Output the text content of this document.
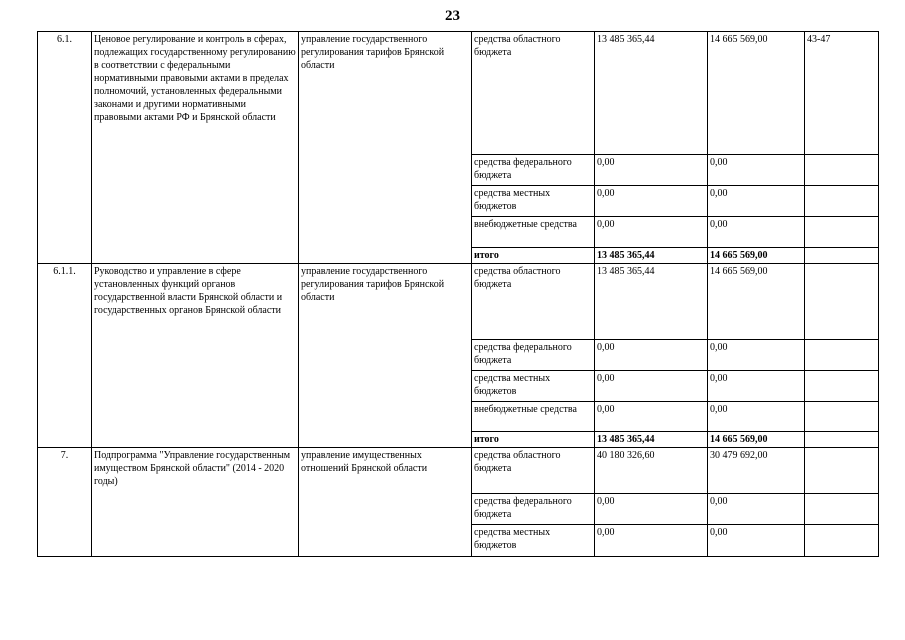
23
6.1.	Ценовое регулирование и контроль в сферах, подлежащих государственному регулированию в соответствии с федеральными нормативными правовыми актами в пределах полномочий, установленных федеральными законами и другими нормативными правовыми актами РФ и Брянской области	управление государственного регулирования тарифов Брянской области	средства областного бюджета	13 485 365,44	14 665 569,00	43-47
			средства федерального бюджета	0,00	0,00	
			средства местных бюджетов	0,00	0,00	
			внебюджетные средства	0,00	0,00	
			итого	13 485 365,44	14 665 569,00	
6.1.1.	Руководство и управление в сфере установленных функций органов государственной власти Брянской области и государственных органов Брянской области	управление государственного регулирования тарифов Брянской области	средства областного бюджета	13 485 365,44	14 665 569,00	
			средства федерального бюджета	0,00	0,00	
			средства местных бюджетов	0,00	0,00	
			внебюджетные средства	0,00	0,00	
			итого	13 485 365,44	14 665 569,00	
7.	Подпрограмма "Управление государственным имуществом Брянской области" (2014 - 2020 годы)	управление имущественных отношений Брянской области	средства областного бюджета	40 180 326,60	30 479 692,00	
			средства федерального бюджета	0,00	0,00	
			средства местных бюджетов	0,00	0,00	
